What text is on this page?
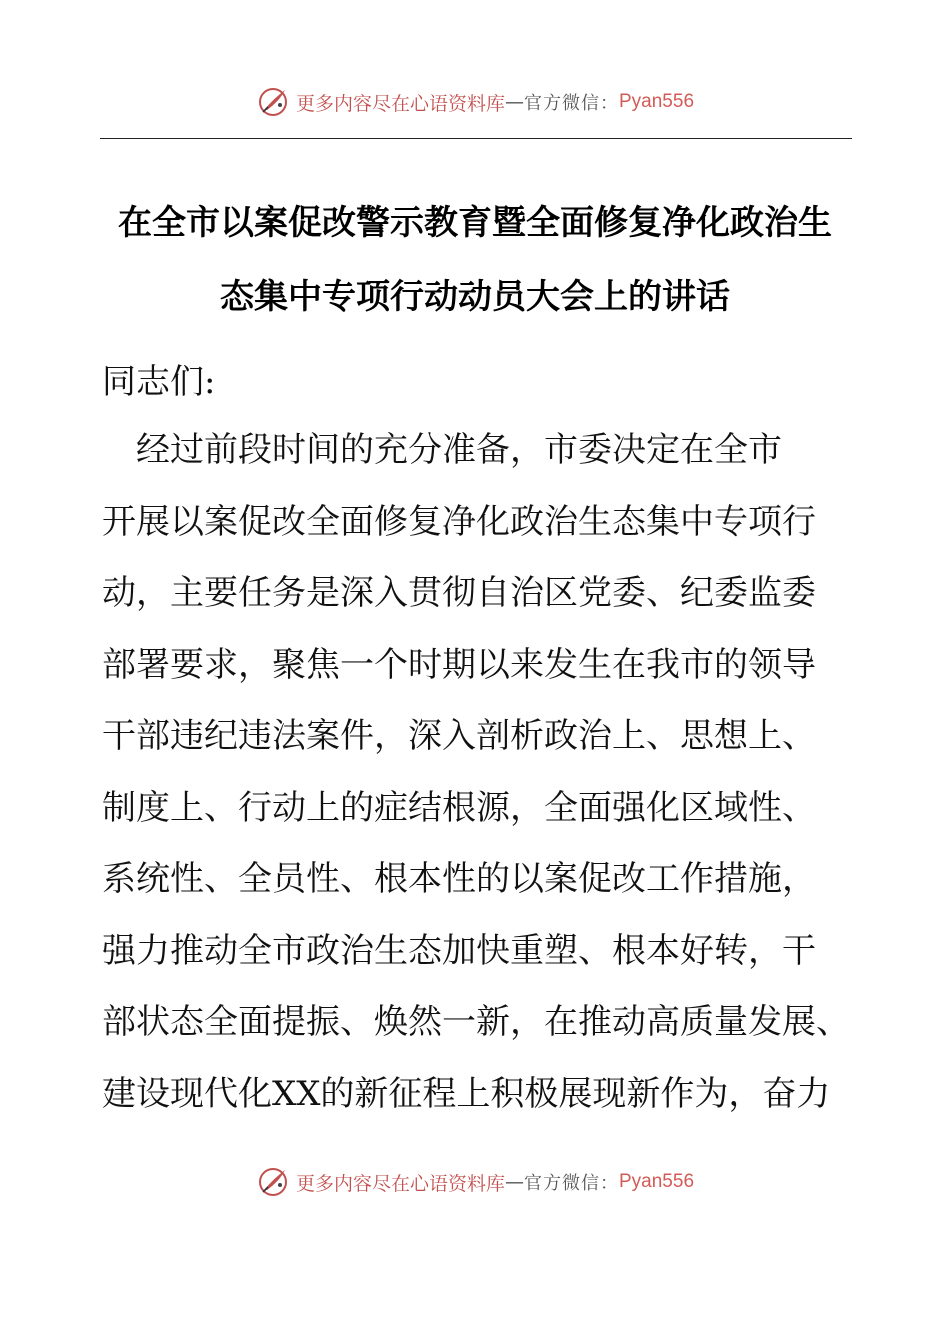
更多内容尽在心语资料库 — 官方微信： Pyan556
在全市以案促改警示教育暨全面修复净化政治生
态集中专项行动动员大会上的讲话
同志们:
　经过前段时间的充分准备，市委决定在全市
开展以案促改全面修复净化政治生态集中专项行
动，主要任务是深入贯彻自治区党委、纪委监委
部署要求，聚焦一个时期以来发生在我市的领导
干部违纪违法案件，深入剖析政治上、思想上、
制度上、行动上的症结根源，全面强化区域性、
系统性、全员性、根本性的以案促改工作措施，
强力推动全市政治生态加快重塑、根本好转，干
部状态全面提振、焕然一新，在推动高质量发展、
建设现代化XX的新征程上积极展现新作为，奋力
更多内容尽在心语资料库 — 官方微信： Pyan556
